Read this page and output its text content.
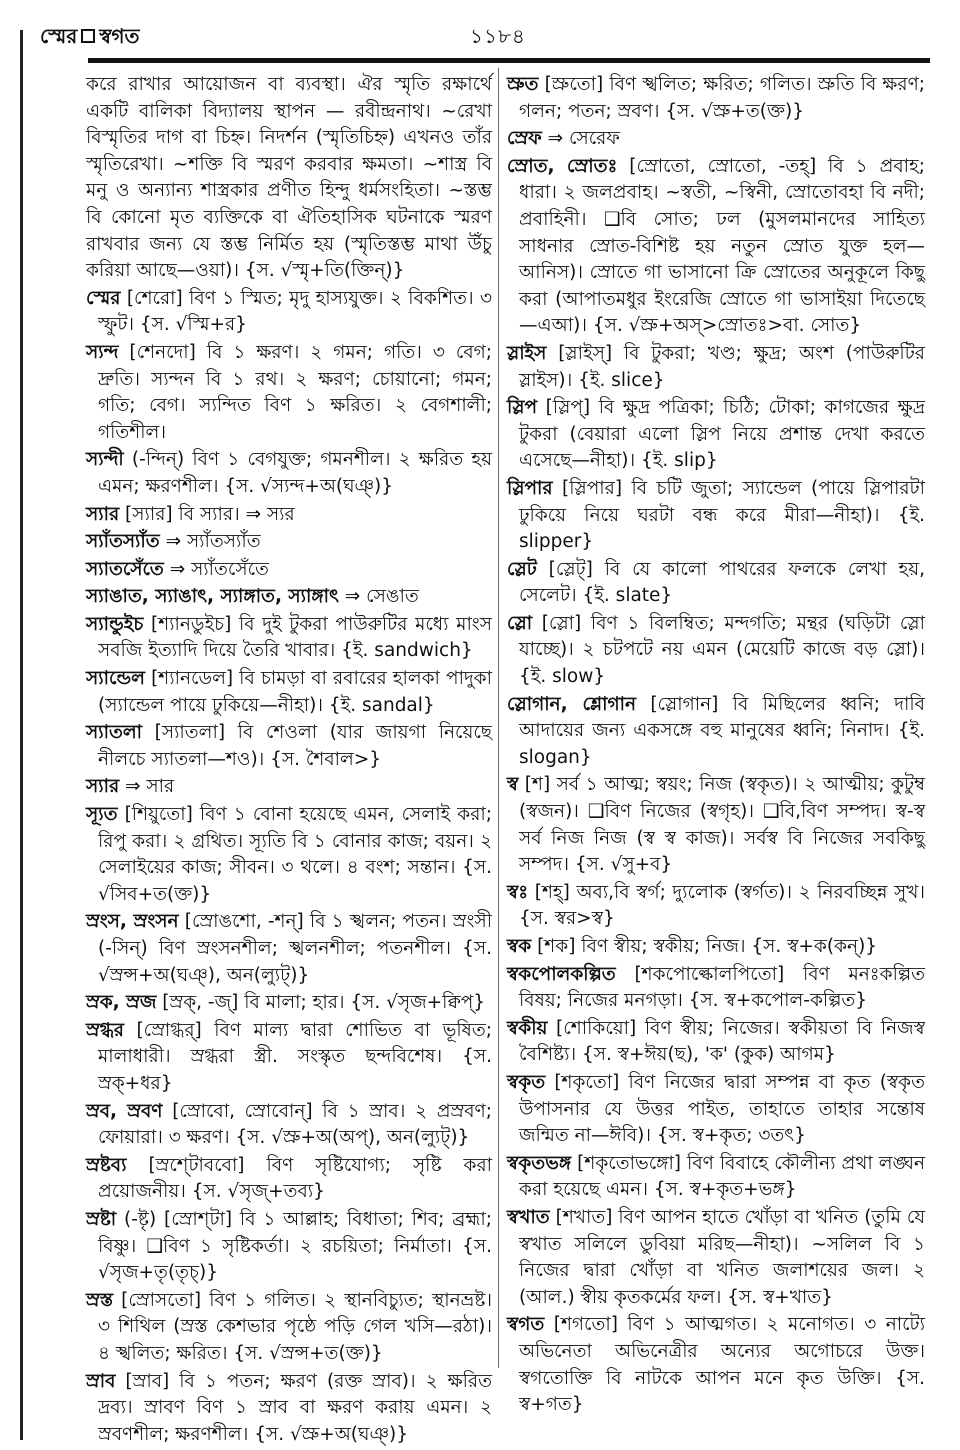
স্মের স্বগত	১১৮৪

করে রাখার আয়োজন বা ব্যবস্থা। ঐর স্মৃতি রক্ষার্থে একটি বালিকা বিদ্যালয় স্থাপন — রবীন্দ্রনাথ। ~রেখা বিস্মৃতির দাগ বা চিহ্ন। নিদর্শন (স্মৃতিচিহ্ন) এখনও তাঁর স্মৃতিরেখা। ~শক্তি বি স্মরণ করবার ক্ষমতা। ~শাস্ত্র বি মনু ও অন্যান্য শাস্ত্রকার প্রণীত হিন্দু ধর্মসংহিতা। ~স্তম্ভ বি কোনো মৃত ব্যক্তিকে বা ঐতিহাসিক ঘটনাকে স্মরণ রাখবার জন্য যে স্তম্ভ নির্মিত হয় (স্মৃতিস্তম্ভ মাথা উঁচু করিয়া আছে—ওয়া)। {স. √স্মৃ+তি(ক্তিন্)}

স্মের [শেরো] বিণ ১ স্মিত; মৃদু হাস্যযুক্ত। ২ বিকশিত। ৩ স্ফুট। {স. √স্মি+র}

স্যন্দ [শেনদো] বি ১ ক্ষরণ। ২ গমন; গতি। ৩ বেগ; দ্রুতি। স্যন্দন বি ১ রথ। ২ ক্ষরণ; চোয়ানো; গমন; গতি; বেগ। স্যন্দিত বিণ ১ ক্ষরিত। ২ বেগশালী; গতিশীল।

স্যন্দী (-ন্দিন্) বিণ ১ বেগযুক্ত; গমনশীল। ২ ক্ষরিত হয় এমন; ক্ষরণশীল। {স. √স্যন্দ+অ(ঘঞ্)}

স্যার [স্যার] বি স্যার। ⇒ স্যর

স্যাঁতস্যাঁত ⇒ স্যাঁতস্যাঁত

স্যাতসেঁতে ⇒ স্যাঁতসেঁতে

স্যাঙাত, স্যাঙাৎ, স্যাঙ্গাত, স্যাঙ্গাৎ ⇒ সেঙাত

স্যান্ডুইচ [শ্যানডুইচ] বি দুই টুকরা পাউরুটির মধ্যে মাংস সবজি ইত্যাদি দিয়ে তৈরি খাবার। {ই. sandwich}

স্যান্ডেল [শ্যানডেল] বি চামড়া বা রবারের হালকা পাদুকা (স্যান্ডেল পায়ে ঢুকিয়ে—নীহা)। {ই. sandal}

স্যাতলা [স্যাতলা] বি শেওলা (যার জায়গা নিয়েছে নীলচে স্যাতলা—শও)। {স. শৈবাল>}

স্যার ⇒ সার

স্যূত [শিয়ুতো] বিণ ১ বোনা হয়েছে এমন, সেলাই করা; রিপু করা। ২ গ্রথিত। স্যূতি বি ১ বোনার কাজ; বয়ন। ২ সেলাইয়ের কাজ; সীবন। ৩ থলে। ৪ বংশ; সন্তান। {স. √সিব+ত(ক্ত)}

স্রংস, স্রংসন [স্রোঙশো, -শন্] বি ১ স্খলন; পতন। স্রংসী (-সিন্) বিণ স্রংসনশীল; স্খলনশীল; পতনশীল। {স. √স্রন্স+অ(ঘঞ্), অন(ল্যুট্)}

স্রক, স্রজ [স্রক্, -জ্] বি মালা; হার। {স. √সৃজ+ক্বিপ্}

স্রগ্ধর [স্রোগ্ধর্] বিণ মাল্য দ্বারা শোভিত বা ভূষিত; মালাধারী। স্রগ্ধরা স্ত্রী. সংস্কৃত ছন্দবিশেষ। {স. স্রক্+ধর}

স্রব, স্রবণ [স্রোবো, স্রোবোন্] বি ১ স্রাব। ২ প্রস্রবণ; ফোয়ারা। ৩ ক্ষরণ। {স. √স্রু+অ(অপ্), অন(ল্যুট্)}

স্রষ্টব্য [স্রশ্টোববো] বিণ সৃষ্টিযোগ্য; সৃষ্টি করা প্রয়োজনীয়। {স. √সৃজ্+তব্য}

স্রষ্টা (-ষ্টৃ) [স্রোশ্টা] বি ১ আল্লাহ; বিধাতা; শিব; ব্রহ্মা; বিষ্ণু। ❑বিণ ১ সৃষ্টিকর্তা। ২ রচয়িতা; নির্মাতা। {স. √সৃজ+তৃ(তৃচ্)}

স্রস্ত [স্রোসতো] বিণ ১ গলিত। ২ স্থানবিচ্যুত; স্থানভ্রষ্ট। ৩ শিথিল (স্রস্ত কেশভার পৃষ্ঠে পড়ি গেল খসি—রঠা)। ৪ স্খলিত; ক্ষরিত। {স. √স্রন্স+ত(ক্ত)}

স্রাব [স্রাব] বি ১ পতন; ক্ষরণ (রক্ত স্রাব)। ২ ক্ষরিত দ্রব্য। স্রাবণ বিণ ১ স্রাব বা ক্ষরণ করায় এমন। ২ স্রবণশীল; ক্ষরণশীল। {স. √স্রু+অ(ঘঞ্)}

স্রুত [স্রুতো] বিণ স্খলিত; ক্ষরিত; গলিত। স্রুতি বি ক্ষরণ; গলন; পতন; স্রবণ। {স. √স্রু+ত(ক্ত)}

স্রেফ ⇒ সেরেফ

স্রোত, স্রোতঃ [স্রোতো, স্রোতো, -তহ্] বি ১ প্রবাহ; ধারা। ২ জলপ্রবাহ। ~স্বতী, ~স্বিনী, স্রোতোবহা বি নদী; প্রবাহিনী। ❑বি সোত; ঢল (মুসলমানদের সাহিত্য সাধনার স্রোত-বিশিষ্ট হয় নতুন স্রোত যুক্ত হল—আনিস)। স্রোতে গা ভাসানো ক্রি স্রোতের অনুকূলে কিছু করা (আপাতমধুর ইংরেজি স্রোতে গা ভাসাইয়া দিতেছে—এআ)। {স. √স্রু+অস্>স্রোতঃ>বা. সোত}

স্লাইস [স্লাইস্] বি টুকরা; খণ্ড; ক্ষুদ্র; অংশ (পাউরুটির স্লাইস)। {ই. slice}

স্লিপ [স্লিপ্] বি ক্ষুদ্র পত্রিকা; চিঠি; টোকা; কাগজের ক্ষুদ্র টুকরা (বেয়ারা এলো স্লিপ নিয়ে প্রশান্ত দেখা করতে এসেছে—নীহা)। {ই. slip}

স্লিপার [স্লিপার] বি চটি জুতা; স্যান্ডেল (পায়ে স্লিপারটা ঢুকিয়ে নিয়ে ঘরটা বন্ধ করে মীরা—নীহা)। {ই. slipper}

স্লেট [স্লেট্] বি যে কালো পাথরের ফলকে লেখা হয়, সেলেট। {ই. slate}

স্লো [স্লো] বিণ ১ বিলম্বিত; মন্দগতি; মন্থর (ঘড়িটা স্লো যাচ্ছে)। ২ চটপটে নয় এমন (মেয়েটি কাজে বড় স্লো)। {ই. slow}

স্লোগান, শ্লোগান [স্লোগান] বি মিছিলের ধ্বনি; দাবি আদায়ের জন্য একসঙ্গে বহু মানুষের ধ্বনি; নিনাদ। {ই. slogan}

স্ব [শ] সর্ব ১ আত্ম; স্বয়ং; নিজ (স্বকৃত)। ২ আত্মীয়; কুটুম্ব (স্বজন)। ❑বিণ নিজের (স্বগৃহ)। ❑বি,বিণ সম্পদ। স্ব-স্ব সর্ব নিজ নিজ (স্ব স্ব কাজ)। সর্বস্ব বি নিজের সবকিছু সম্পদ। {স. √সু+ব}

স্বঃ [শহ্] অব্য,বি স্বর্গ; দ্যুলোক (স্বর্গত)। ২ নিরবচ্ছিন্ন সুখ। {স. স্বর>স্ব}

স্বক [শক] বিণ স্বীয়; স্বকীয়; নিজ। {স. স্ব+ক(কন্)}

স্বকপোলকল্পিত [শকপোল্কোলপিতো] বিণ মনঃকল্পিত বিষয়; নিজের মনগড়া। {স. স্ব+কপোল-কল্পিত}

স্বকীয় [শোকিয়ো] বিণ স্বীয়; নিজের। স্বকীয়তা বি নিজস্ব বৈশিষ্ট্য। {স. স্ব+ঈয়(ছ), 'ক' (কুক) আগম}

স্বকৃত [শকৃতো] বিণ নিজের দ্বারা সম্পন্ন বা কৃত (স্বকৃত উপাসনার যে উত্তর পাইত, তাহাতে তাহার সন্তোষ জন্মিত না—ঈবি)। {স. স্ব+কৃত; ৩তৎ}

স্বকৃতভঙ্গ [শকৃতোভঙ্গো] বিণ বিবাহে কৌলীন্য প্রথা লঙ্ঘন করা হয়েছে এমন। {স. স্ব+কৃত+ভঙ্গ}

স্বখাত [শখাত] বিণ আপন হাতে খোঁড়া বা খনিত (তুমি যে স্বখাত সলিলে ডুবিয়া মরিছ—নীহা)। ~সলিল বি ১ নিজের দ্বারা খোঁড়া বা খনিত জলাশয়ের জল। ২ (আল.) স্বীয় কৃতকর্মের ফল। {স. স্ব+খাত}

স্বগত [শগতো] বিণ ১ আত্মগত। ২ মনোগত। ৩ নাট্যে অভিনেতা অভিনেত্রীর অন্যের অগোচরে উক্ত। স্বগতোক্তি বি নাটকে আপন মনে কৃত উক্তি। {স. স্ব+গত}
